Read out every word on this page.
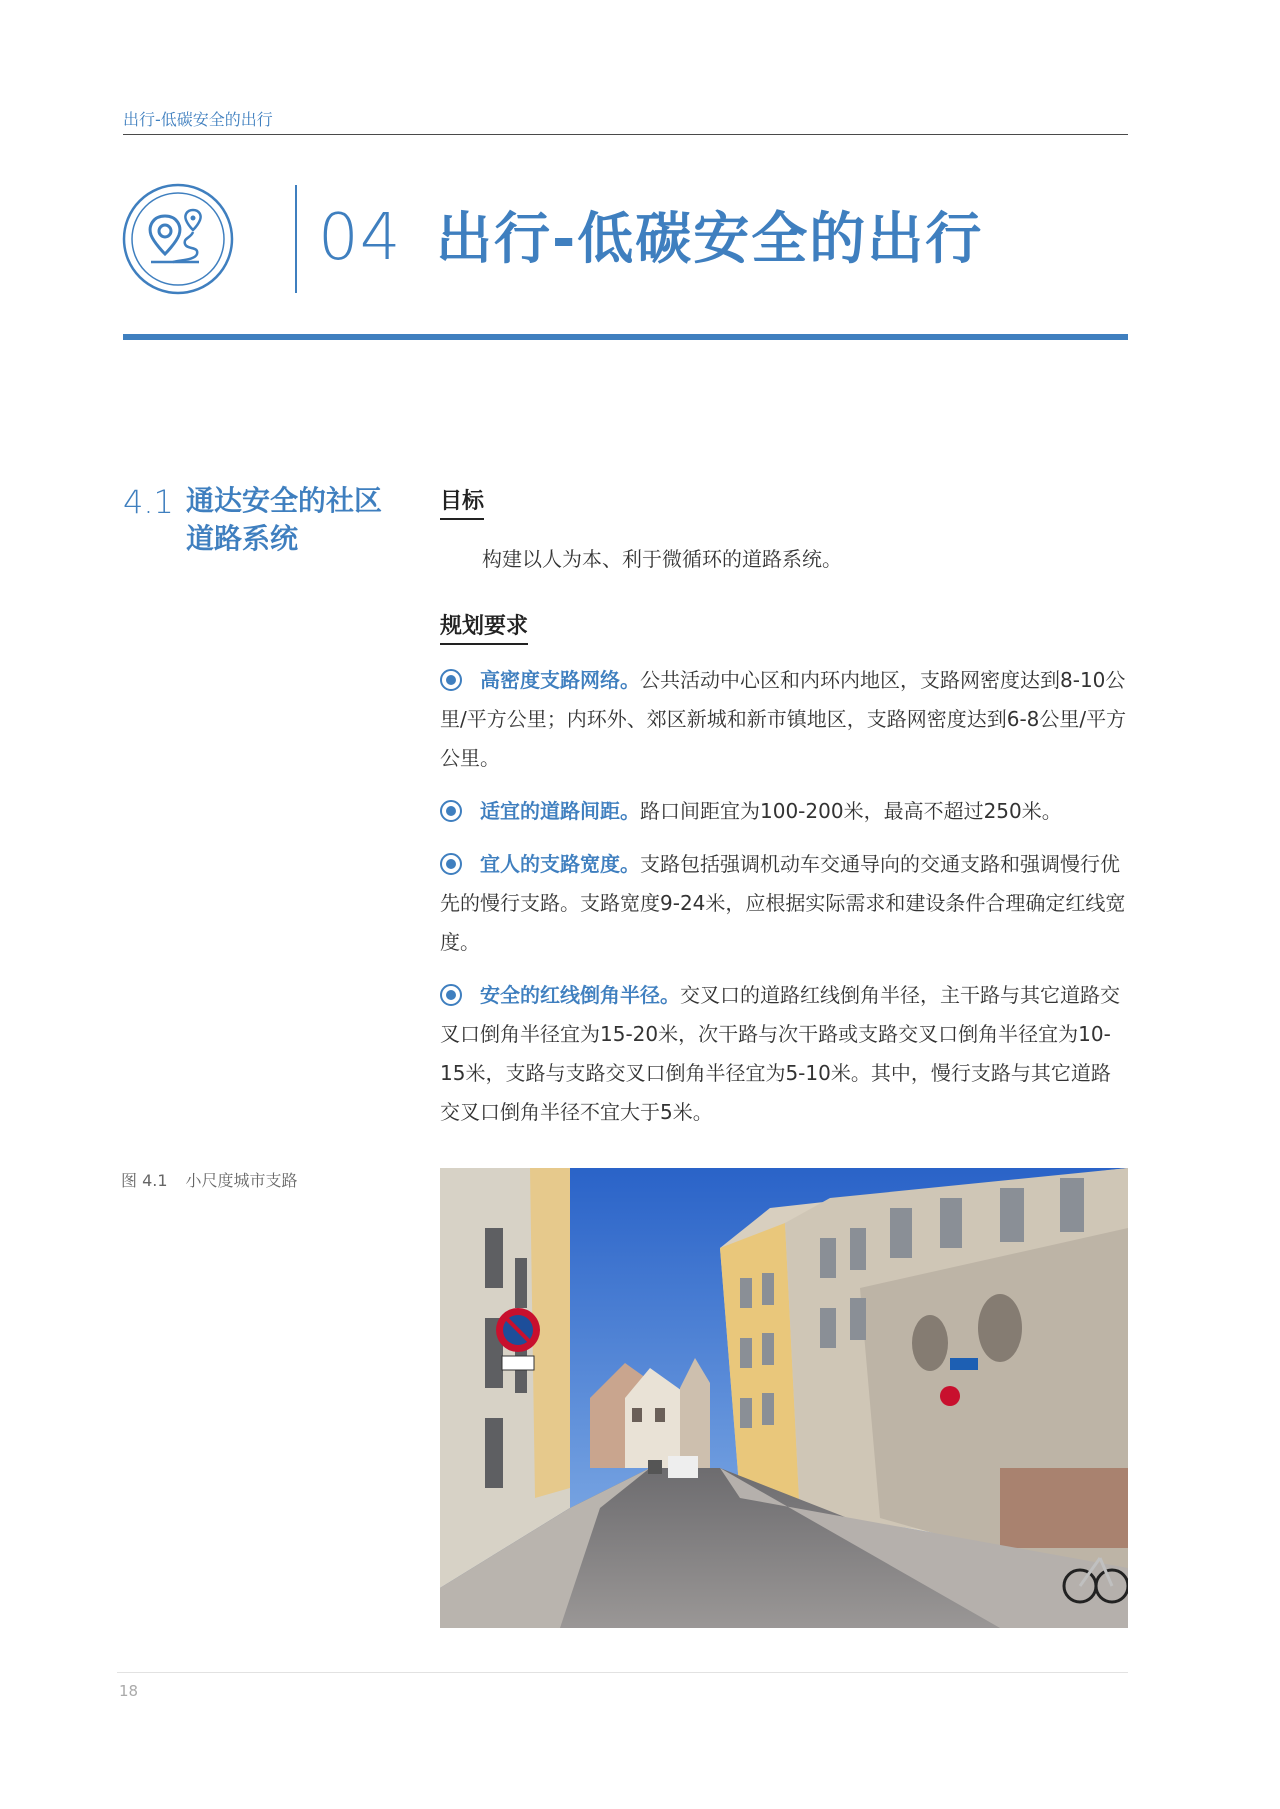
出行-低碳安全的出行
04 出行-低碳安全的出行
4.1 通达安全的社区道路系统
目标
构建以人为本、利于微循环的道路系统。
规划要求
高密度支路网络。公共活动中心区和内环内地区，支路网密度达到8-10公里/平方公里；内环外、郊区新城和新市镇地区，支路网密度达到6-8公里/平方公里。
适宜的道路间距。路口间距宜为100-200米，最高不超过250米。
宜人的支路宽度。支路包括强调机动车交通导向的交通支路和强调慢行优先的慢行支路。支路宽度9-24米，应根据实际需求和建设条件合理确定红线宽度。
安全的红线倒角半径。交叉口的道路红线倒角半径，主干路与其它道路交叉口倒角半径宜为15-20米，次干路与次干路或支路交叉口倒角半径宜为10-15米，支路与支路交叉口倒角半径宜为5-10米。其中，慢行支路与其它道路交叉口倒角半径不宜大于5米。
图 4.1 小尺度城市支路
18
